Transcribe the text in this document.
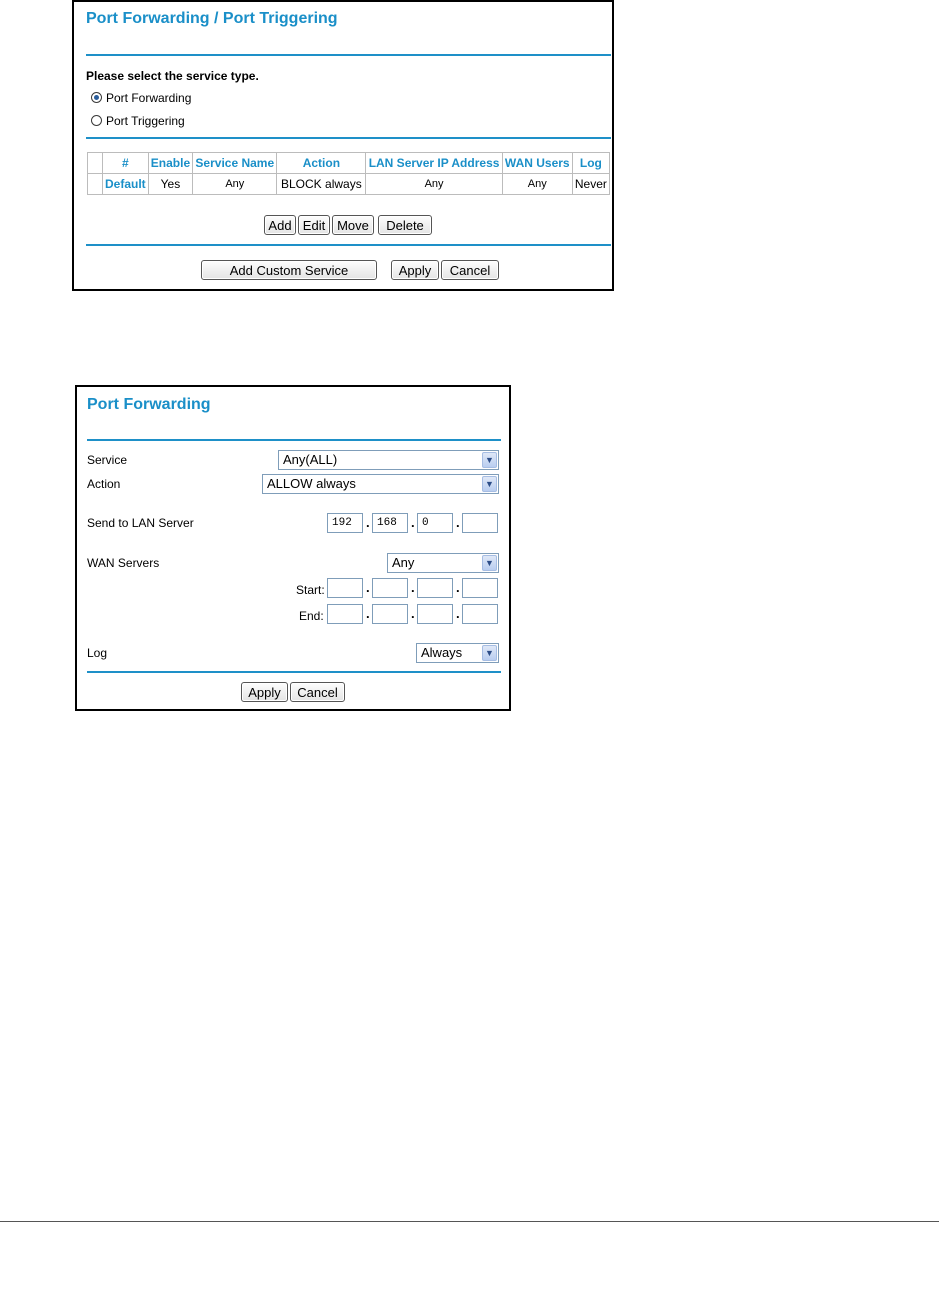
Port Forwarding / Port Triggering
Please select the service type.
Port Forwarding
Port Triggering
	#	Enable	Service Name	Action	LAN Server IP Address	WAN Users	Log
	Default	Yes	Any	BLOCK always	Any	Any	Never
Add Edit Move	Delete
Add Custom Service	Apply	Cancel
Port Forwarding
Service	Any(ALL)	▼
Action	ALLOW always	▼
Send to LAN Server	192	. 168	. 0	.
WAN Servers	Any	▼
Start:	.	.	.
End:	.	.	.
Log	Always	▼
Apply	Cancel
